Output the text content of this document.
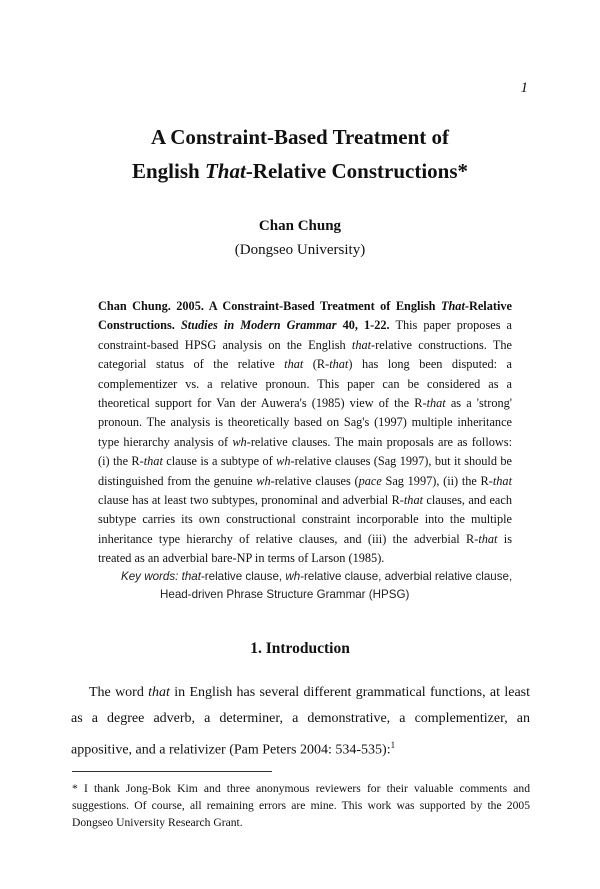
1
A Constraint-Based Treatment of
English That-Relative Constructions*
Chan Chung
(Dongseo University)
Chan Chung. 2005. A Constraint-Based Treatment of English That-Relative Constructions. Studies in Modern Grammar 40, 1-22. This paper proposes a constraint-based HPSG analysis on the English that-relative constructions. The categorial status of the relative that (R-that) has long been disputed: a complementizer vs. a relative pronoun. This paper can be considered as a theoretical support for Van der Auwera's (1985) view of the R-that as a 'strong' pronoun. The analysis is theoretically based on Sag's (1997) multiple inheritance type hierarchy analysis of wh-relative clauses. The main proposals are as follows: (i) the R-that clause is a subtype of wh-relative clauses (Sag 1997), but it should be distinguished from the genuine wh-relative clauses (pace Sag 1997), (ii) the R-that clause has at least two subtypes, pronominal and adverbial R-that clauses, and each subtype carries its own constructional constraint incorporable into the multiple inheritance type hierarchy of relative clauses, and (iii) the adverbial R-that is treated as an adverbial bare-NP in terms of Larson (1985).
Key words: that-relative clause, wh-relative clause, adverbial relative clause,
Head-driven Phrase Structure Grammar (HPSG)
1. Introduction
The word that in English has several different grammatical functions, at least as a degree adverb, a determiner, a demonstrative, a complementizer, an appositive, and a relativizer (Pam Peters 2004: 534-535):$^1$
* I thank Jong-Bok Kim and three anonymous reviewers for their valuable comments and suggestions. Of course, all remaining errors are mine. This work was supported by the 2005 Dongseo University Research Grant.
